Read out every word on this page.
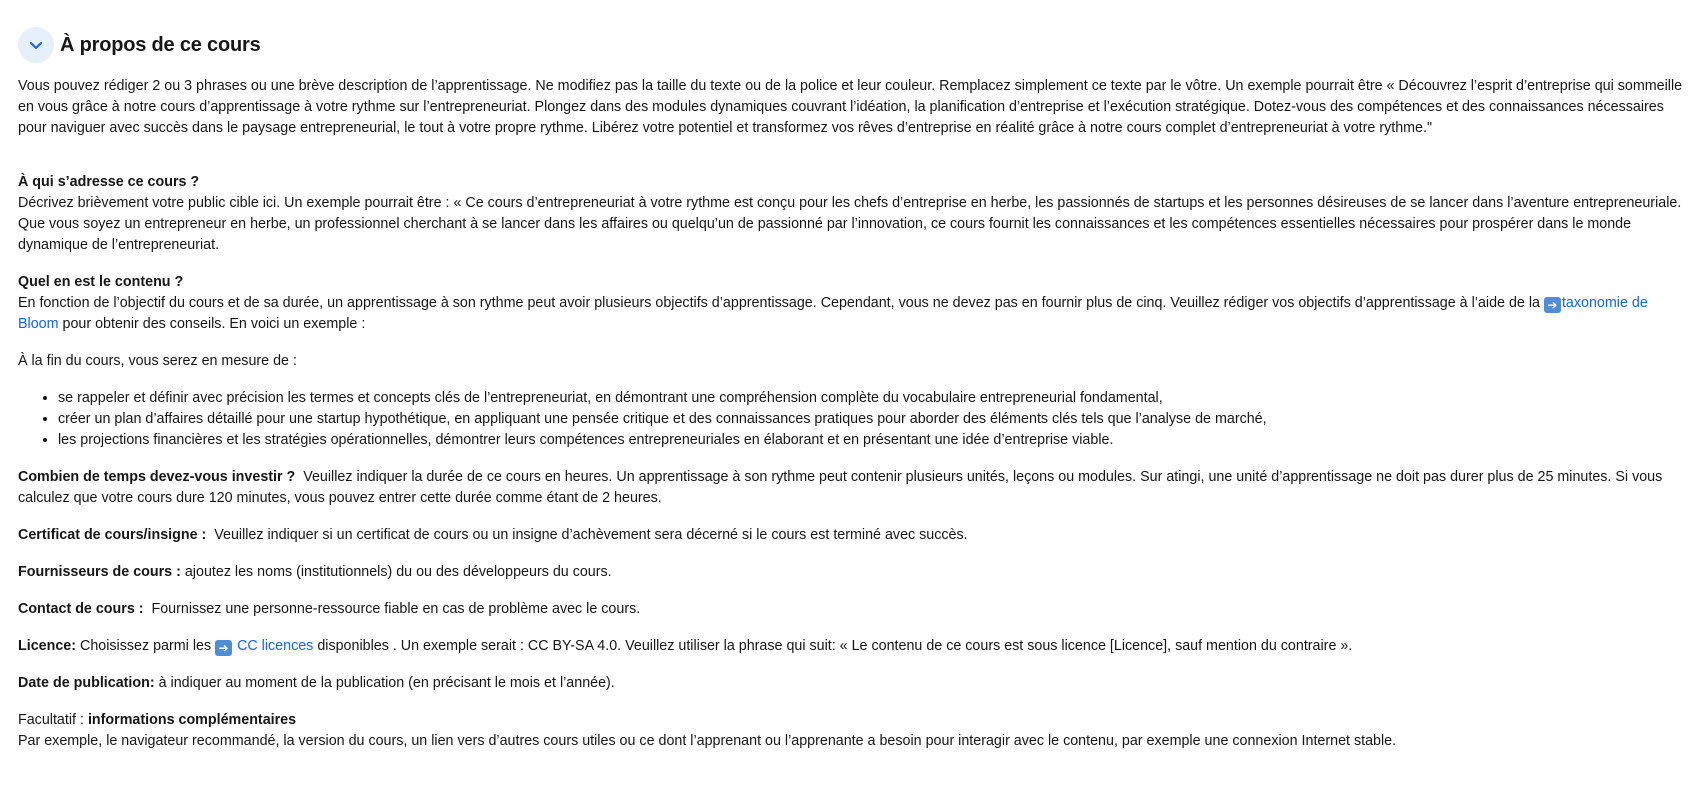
À propos de ce cours

Vous pouvez rédiger 2 ou 3 phrases ou une brève description de l’apprentissage. Ne modifiez pas la taille du texte ou de la police et leur couleur. Remplacez simplement ce texte par le vôtre. Un exemple pourrait être « Découvrez l’esprit d’entreprise qui sommeille en vous grâce à notre cours d’apprentissage à votre rythme sur l’entrepreneuriat. Plongez dans des modules dynamiques couvrant l’idéation, la planification d’entreprise et l’exécution stratégique. Dotez-vous des compétences et des connaissances nécessaires pour naviguer avec succès dans le paysage entrepreneurial, le tout à votre propre rythme. Libérez votre potentiel et transformez vos rêves d’entreprise en réalité grâce à notre cours complet d’entrepreneuriat à votre rythme."

À qui s’adresse ce cours ?

Décrivez brièvement votre public cible ici. Un exemple pourrait être : « Ce cours d’entrepreneuriat à votre rythme est conçu pour les chefs d’entreprise en herbe, les passionnés de startups et les personnes désireuses de se lancer dans l’aventure entrepreneuriale. Que vous soyez un entrepreneur en herbe, un professionnel cherchant à se lancer dans les affaires ou quelqu’un de passionné par l’innovation, ce cours fournit les connaissances et les compétences essentielles nécessaires pour prospérer dans le monde dynamique de l’entrepreneuriat.

Quel en est le contenu ?

En fonction de l’objectif du cours et de sa durée, un apprentissage à son rythme peut avoir plusieurs objectifs d’apprentissage. Cependant, vous ne devez pas en fournir plus de cinq. Veuillez rédiger vos objectifs d’apprentissage à l’aide de la ➜ taxonomie de Bloom pour obtenir des conseils. En voici un exemple :

À la fin du cours, vous serez en mesure de :

• se rappeler et définir avec précision les termes et concepts clés de l’entrepreneuriat, en démontrant une compréhension complète du vocabulaire entrepreneurial fondamental,
• créer un plan d’affaires détaillé pour une startup hypothétique, en appliquant une pensée critique et des connaissances pratiques pour aborder des éléments clés tels que l’analyse de marché,
• les projections financières et les stratégies opérationnelles, démontrer leurs compétences entrepreneuriales en élaborant et en présentant une idée d’entreprise viable.

Combien de temps devez-vous investir ? Veuillez indiquer la durée de ce cours en heures. Un apprentissage à son rythme peut contenir plusieurs unités, leçons ou modules. Sur atingi, une unité d’apprentissage ne doit pas durer plus de 25 minutes. Si vous calculez que votre cours dure 120 minutes, vous pouvez entrer cette durée comme étant de 2 heures.

Certificat de cours/insigne : Veuillez indiquer si un certificat de cours ou un insigne d’achèvement sera décerné si le cours est terminé avec succès.

Fournisseurs de cours : ajoutez les noms (institutionnels) du ou des développeurs du cours.

Contact de cours : Fournissez une personne-ressource fiable en cas de problème avec le cours.

Licence: Choisissez parmi les ➜ CC licences disponibles . Un exemple serait : CC BY-SA 4.0. Veuillez utiliser la phrase qui suit: « Le contenu de ce cours est sous licence [Licence], sauf mention du contraire ».

Date de publication: à indiquer au moment de la publication (en précisant le mois et l’année).

Facultatif : informations complémentaires

Par exemple, le navigateur recommandé, la version du cours, un lien vers d’autres cours utiles ou ce dont l’apprenant ou l’apprenante a besoin pour interagir avec le contenu, par exemple une connexion Internet stable.
